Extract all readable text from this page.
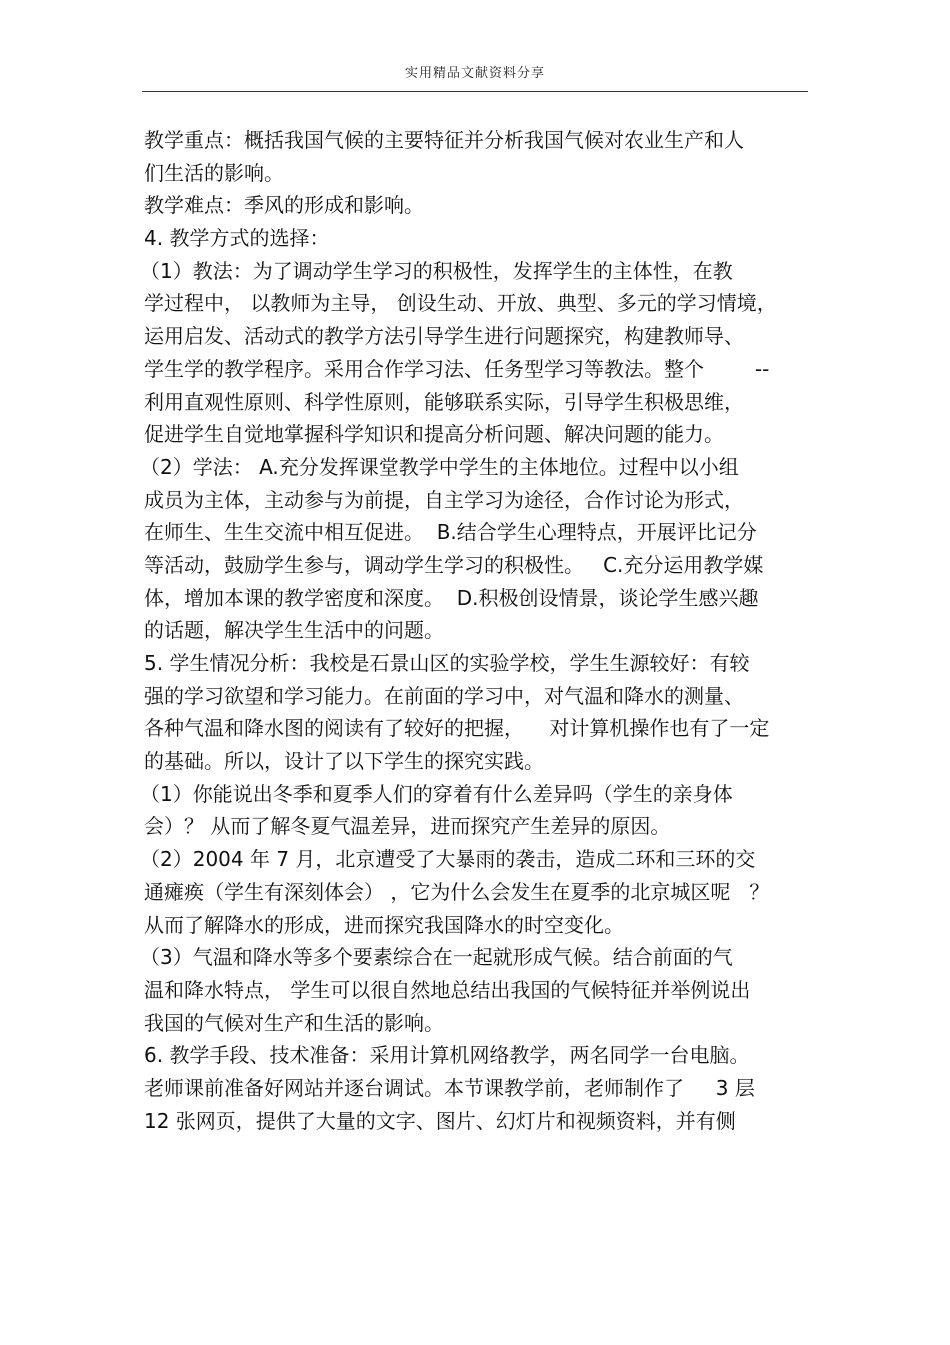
实用精品文献资料分享
教学重点：概括我国气候的主要特征并分析我国气候对农业生产和人
们生活的影响。
教学难点：季风的形成和影响。
4. 教学方式的选择：
（1）教法：为了调动学生学习的积极性，发挥学生的主体性，在教
学过程中， 以教师为主导， 创设生动、开放、典型、多元的学习情境，
运用启发、活动式的教学方法引导学生进行问题探究，构建教师导、
学生学的教学程序。采用合作学习法、任务型学习等教法。整个        --
利用直观性原则、科学性原则，能够联系实际，引导学生积极思维，
促进学生自觉地掌握科学知识和提高分析问题、解决问题的能力。
（2）学法： A.充分发挥课堂教学中学生的主体地位。过程中以小组
成员为主体，主动参与为前提，自主学习为途径，合作讨论为形式，
在师生、生生交流中相互促进。  B.结合学生心理特点，开展评比记分
等活动，鼓励学生参与，调动学生学习的积极性。   C.充分运用教学媒
体，增加本课的教学密度和深度。  D.积极创设情景，谈论学生感兴趣
的话题，解决学生生活中的问题。
5. 学生情况分析：我校是石景山区的实验学校，学生生源较好：有较
强的学习欲望和学习能力。在前面的学习中，对气温和降水的测量、
各种气温和降水图的阅读有了较好的把握，    对计算机操作也有了一定
的基础。所以，设计了以下学生的探究实践。
（1）你能说出冬季和夏季人们的穿着有什么差异吗（学生的亲身体
会）？ 从而了解冬夏气温差异，进而探究产生差异的原因。
（2）2004 年 7 月，北京遭受了大暴雨的袭击，造成二环和三环的交
通瘫痪（学生有深刻体会） ，它为什么会发生在夏季的北京城区呢   ？
从而了解降水的形成，进而探究我国降水的时空变化。
（3）气温和降水等多个要素综合在一起就形成气候。结合前面的气
温和降水特点， 学生可以很自然地总结出我国的气候特征并举例说出
我国的气候对生产和生活的影响。
6. 教学手段、技术准备：采用计算机网络教学，两名同学一台电脑。
老师课前准备好网站并逐台调试。本节课教学前，老师制作了     3 层
12 张网页，提供了大量的文字、图片、幻灯片和视频资料，并有侧
